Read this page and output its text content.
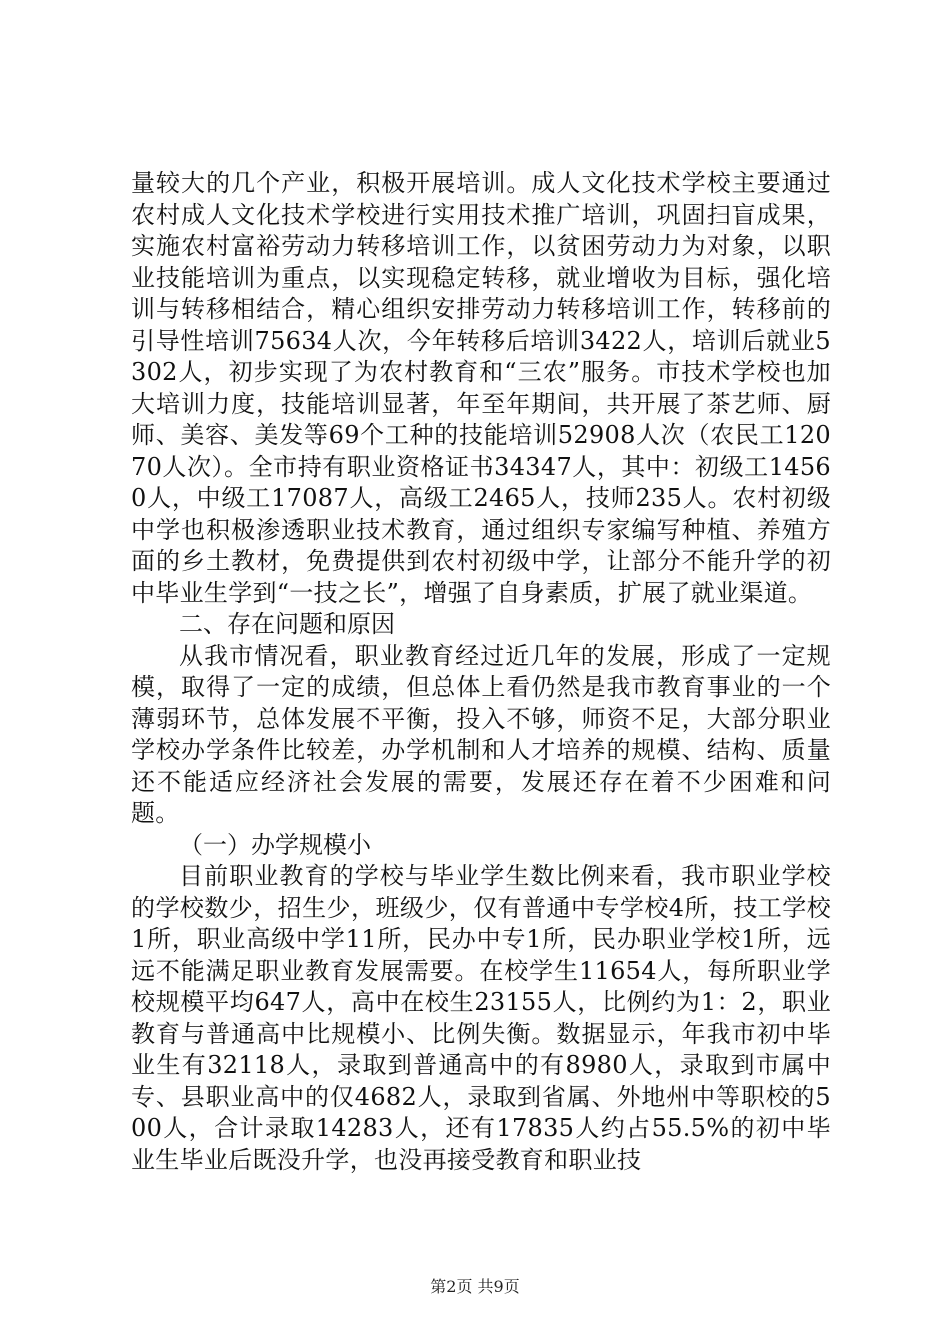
量较大的几个产业，积极开展培训。成人文化技术学校主要通过农村成人文化技术学校进行实用技术推广培训，巩固扫盲成果，实施农村富裕劳动力转移培训工作，以贫困劳动力为对象，以职业技能培训为重点，以实现稳定转移，就业增收为目标，强化培训与转移相结合，精心组织安排劳动力转移培训工作，转移前的引导性培训75634人次，今年转移后培训3422人，培训后就业5302人，初步实现了为农村教育和“三农”服务。市技术学校也加大培训力度，技能培训显著，年至年期间，共开展了茶艺师、厨师、美容、美发等69个工种的技能培训52908人次（农民工12070人次）。全市持有职业资格证书34347人，其中：初级工14560人，中级工17087人，高级工2465人，技师235人。农村初级中学也积极渗透职业技术教育，通过组织专家编写种植、养殖方面的乡土教材，免费提供到农村初级中学，让部分不能升学的初中毕业生学到“一技之长”，增强了自身素质，扩展了就业渠道。

二、存在问题和原因

从我市情况看，职业教育经过近几年的发展，形成了一定规模，取得了一定的成绩，但总体上看仍然是我市教育事业的一个薄弱环节，总体发展不平衡，投入不够，师资不足，大部分职业学校办学条件比较差，办学机制和人才培养的规模、结构、质量还不能适应经济社会发展的需要，发展还存在着不少困难和问题。

（一）办学规模小

目前职业教育的学校与毕业学生数比例来看，我市职业学校的学校数少，招生少，班级少，仅有普通中专学校4所，技工学校1所，职业高级中学11所，民办中专1所，民办职业学校1所，远远不能满足职业教育发展需要。在校学生11654人，每所职业学校规模平均647人，高中在校生23155人，比例约为1：2，职业教育与普通高中比规模小、比例失衡。数据显示，年我市初中毕业生有32118人，录取到普通高中的有8980人，录取到市属中专、县职业高中的仅4682人，录取到省属、外地州中等职校的500人，合计录取14283人，还有17835人约占55.5%的初中毕业生毕业后既没升学，也没再接受教育和职业技

第2页 共9页
